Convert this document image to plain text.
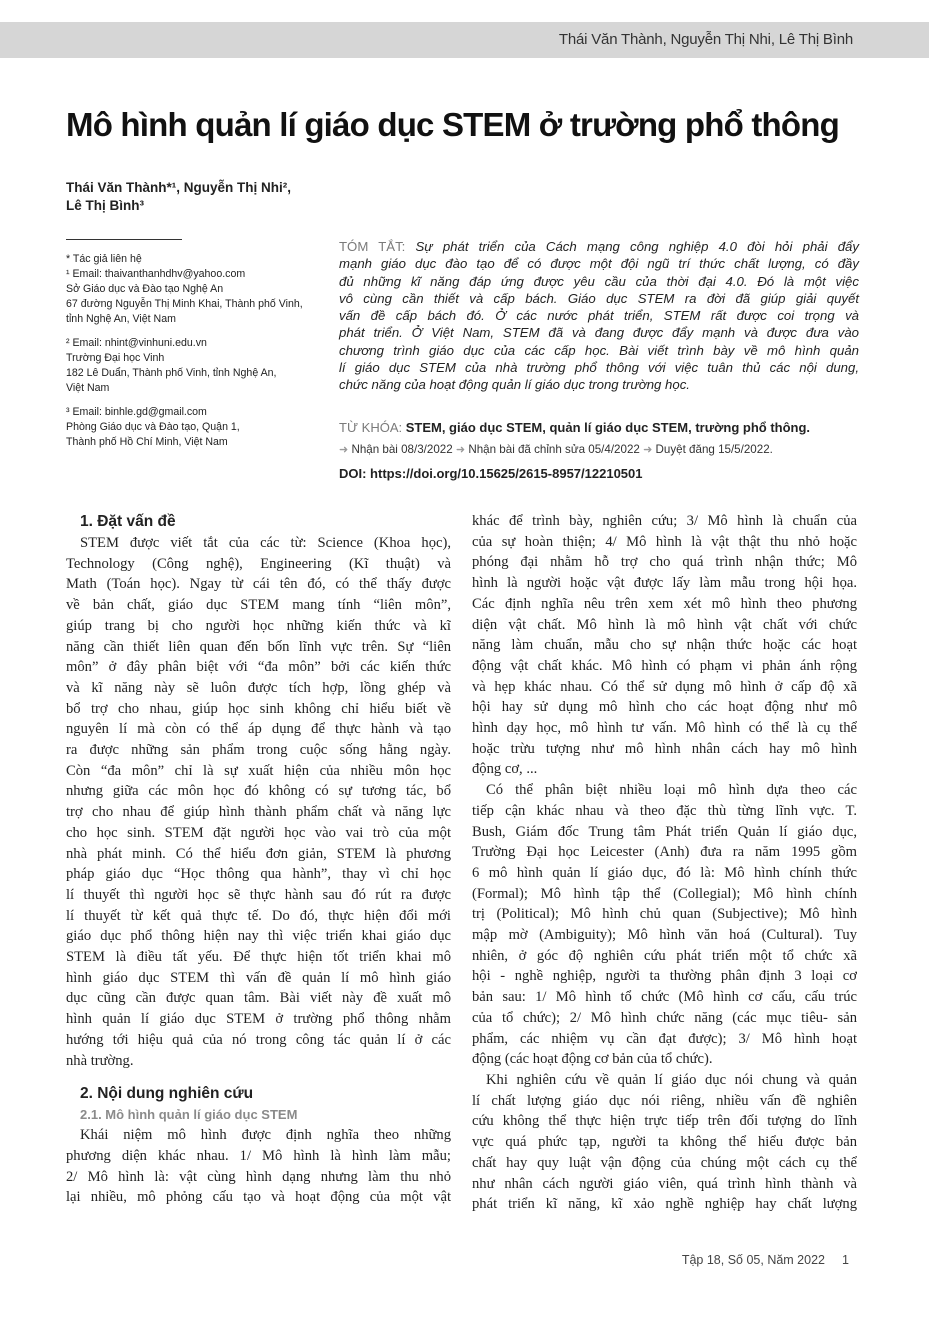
Thái Văn Thành, Nguyễn Thị Nhi, Lê Thị Bình
Mô hình quản lí giáo dục STEM ở trường phổ thông
Thái Văn Thành*¹, Nguyễn Thị Nhi²,
Lê Thị Bình³
* Tác giả liên hệ
¹ Email: thaivanthanhdhv@yahoo.com
Sở Giáo dục và Đào tạo Nghệ An
67 đường Nguyễn Thị Minh Khai, Thành phố Vinh,
tỉnh Nghệ An, Việt Nam
² Email: nhint@vinhuni.edu.vn
Trường Đại học Vinh
182 Lê Duẩn, Thành phố Vinh, tỉnh Nghệ An,
Việt Nam
³ Email: binhle.gd@gmail.com
Phòng Giáo dục và Đào tạo, Quận 1,
Thành phố Hồ Chí Minh, Việt Nam
TÓM TẮT: Sự phát triển của Cách mạng công nghiệp 4.0 đòi hỏi phải đẩy
mạnh giáo dục đào tạo để có được một đội ngũ trí thức chất lượng, có đầy
đủ những kĩ năng đáp ứng được yêu cầu của thời đại 4.0. Đó là một việc
vô cùng cần thiết và cấp bách. Giáo dục STEM ra đời đã giúp giải quyết
vấn đề cấp bách đó. Ở các nước phát triển, STEM rất được coi trọng và
phát triển. Ở Việt Nam, STEM đã và đang được đẩy mạnh và được đưa vào
chương trình giáo dục của các cấp học. Bài viết trình bày về mô hình quản
lí giáo dục STEM của nhà trường phổ thông với việc tuân thủ các nội dung,
chức năng của hoạt động quản lí giáo dục trong trường học.
TỪ KHÓA: STEM, giáo dục STEM, quản lí giáo dục STEM, trường phổ thông.
➜ Nhận bài 08/3/2022 ➜ Nhận bài đã chỉnh sửa 05/4/2022 ➜ Duyệt đăng 15/5/2022.
DOI: https://doi.org/10.15625/2615-8957/12210501
1. Đặt vấn đề
STEM được viết tắt của các từ: Science (Khoa học),
Technology (Công nghệ), Engineering (Kĩ thuật) và
Math (Toán học). Ngay từ cái tên đó, có thể thấy được
về bản chất, giáo dục STEM mang tính “liên môn”,
giúp trang bị cho người học những kiến thức và kĩ
năng cần thiết liên quan đến bốn lĩnh vực trên. Sự “liên
môn” ở đây phân biệt với “đa môn” bởi các kiến thức
và kĩ năng này sẽ luôn được tích hợp, lồng ghép và
bổ trợ cho nhau, giúp học sinh không chỉ hiểu biết về
nguyên lí mà còn có thể áp dụng để thực hành và tạo
ra được những sản phẩm trong cuộc sống hằng ngày.
Còn “đa môn” chỉ là sự xuất hiện của nhiều môn học
nhưng giữa các môn học đó không có sự tương tác, bổ
trợ cho nhau để giúp hình thành phẩm chất và năng lực
cho học sinh. STEM đặt người học vào vai trò của một
nhà phát minh. Có thể hiểu đơn giản, STEM là phương
pháp giáo dục “Học thông qua hành”, thay vì chỉ học
lí thuyết thì người học sẽ thực hành sau đó rút ra được
lí thuyết từ kết quả thực tế. Do đó, thực hiện đổi mới
giáo dục phổ thông hiện nay thì việc triển khai giáo dục
STEM là điều tất yếu. Để thực hiện tốt triển khai mô
hình giáo dục STEM thì vấn đề quản lí mô hình giáo
dục cũng cần được quan tâm. Bài viết này đề xuất mô
hình quản lí giáo dục STEM ở trường phổ thông nhằm
hướng tới hiệu quả của nó trong công tác quản lí ở các
nhà trường.
2. Nội dung nghiên cứu
2.1. Mô hình quản lí giáo dục STEM
Khái niệm mô hình được định nghĩa theo những
phương diện khác nhau. 1/ Mô hình là hình làm mẫu;
2/ Mô hình là: vật cùng hình dạng nhưng làm thu nhỏ
lại nhiều, mô phỏng cấu tạo và hoạt động của một vật
khác để trình bày, nghiên cứu; 3/ Mô hình là chuẩn của
của sự hoàn thiện; 4/ Mô hình là vật thật thu nhỏ hoặc
phóng đại nhằm hỗ trợ cho quá trình nhận thức; Mô
hình là người hoặc vật được lấy làm mẫu trong hội họa.
Các định nghĩa nêu trên xem xét mô hình theo phương
diện vật chất. Mô hình là mô hình vật chất với chức
năng làm chuẩn, mẫu cho sự nhận thức hoặc các hoạt
động vật chất khác. Mô hình có phạm vi phản ánh rộng
và hẹp khác nhau. Có thể sử dụng mô hình ở cấp độ xã
hội hay sử dụng mô hình cho các hoạt động như mô
hình dạy học, mô hình tư vấn. Mô hình có thể là cụ thể
hoặc trừu tượng như mô hình nhân cách hay mô hình
động cơ, ...
Có thể phân biệt nhiều loại mô hình dựa theo các
tiếp cận khác nhau và theo đặc thù từng lĩnh vực. T.
Bush, Giám đốc Trung tâm Phát triển Quản lí giáo dục,
Trường Đại học Leicester (Anh) đưa ra năm 1995 gồm
6 mô hình quản lí giáo dục, đó là: Mô hình chính thức
(Formal); Mô hình tập thể (Collegial); Mô hình chính
trị (Political); Mô hình chủ quan (Subjective); Mô hình
mập mờ (Ambiguity); Mô hình văn hoá (Cultural). Tuy
nhiên, ở góc độ nghiên cứu phát triển một tổ chức xã
hội - nghề nghiệp, người ta thường phân định 3 loại cơ
bản sau: 1/ Mô hình tổ chức (Mô hình cơ cấu, cấu trúc
của tổ chức); 2/ Mô hình chức năng (các mục tiêu- sản
phẩm, các nhiệm vụ cần đạt được); 3/ Mô hình hoạt
động (các hoạt động cơ bản của tổ chức).
Khi nghiên cứu về quản lí giáo dục nói chung và quản
lí chất lượng giáo dục nói riêng, nhiều vấn đề nghiên
cứu không thể thực hiện trực tiếp trên đối tượng do lĩnh
vực quá phức tạp, người ta không thể hiểu được bản
chất hay quy luật vận động của chúng một cách cụ thể
như nhân cách người giáo viên, quá trình hình thành và
phát triển kĩ năng, kĩ xảo nghề nghiệp hay chất lượng
Tập 18, Số 05, Năm 2022 1
